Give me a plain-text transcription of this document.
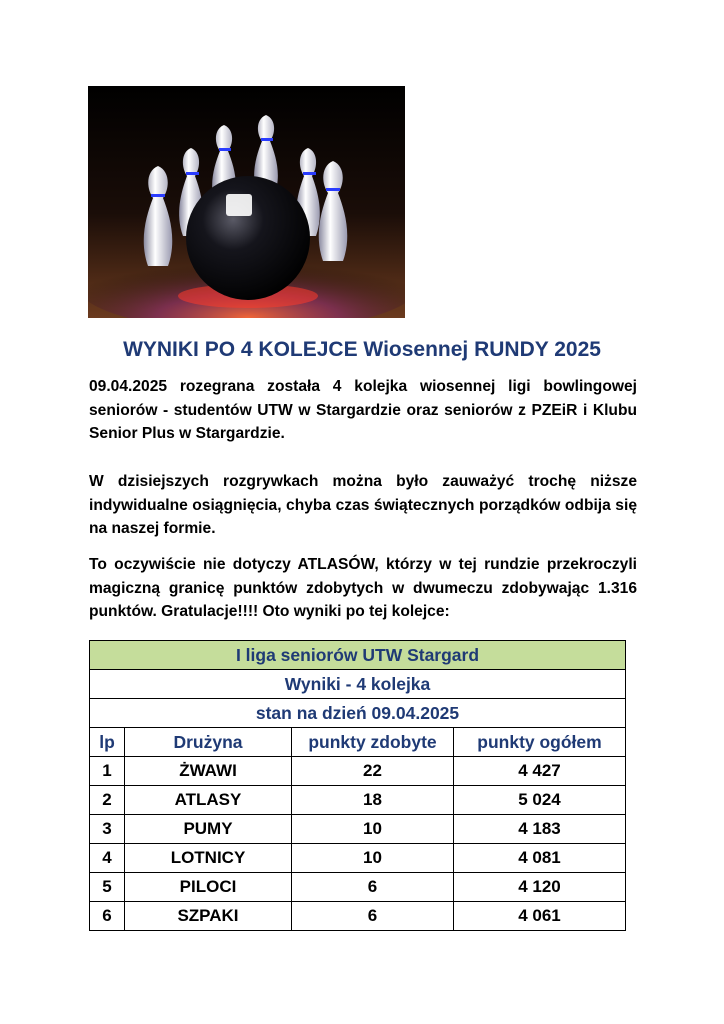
WYNIKI PO 4 KOLEJCE Wiosennej RUNDY 2025

09.04.2025 rozegrana została 4 kolejka wiosennej ligi bowlingowej seniorów - studentów UTW w Stargardzie oraz seniorów z PZEiR i Klubu Senior Plus w Stargardzie.

W dzisiejszych rozgrywkach można było zauważyć trochę niższe indywidualne osiągnięcia, chyba czas świątecznych porządków odbija się na naszej formie.

To oczywiście nie dotyczy ATLASÓW, którzy w tej rundzie przekroczyli magiczną granicę punktów zdobytych w dwumeczu zdobywając 1.316 punktów. Gratulacje!!!! Oto wyniki po tej kolejce:

I liga seniorów UTW Stargard			
Wyniki - 4 kolejka			
stan na dzień 09.04.2025			
lp	Drużyna	punkty zdobyte	punkty ogółem
1	ŻWAWI	22	4 427
2	ATLASY	18	5 024
3	PUMY	10	4 183
4	LOTNICY	10	4 081
5	PILOCI	6	4 120
6	SZPAKI	6	4 061
